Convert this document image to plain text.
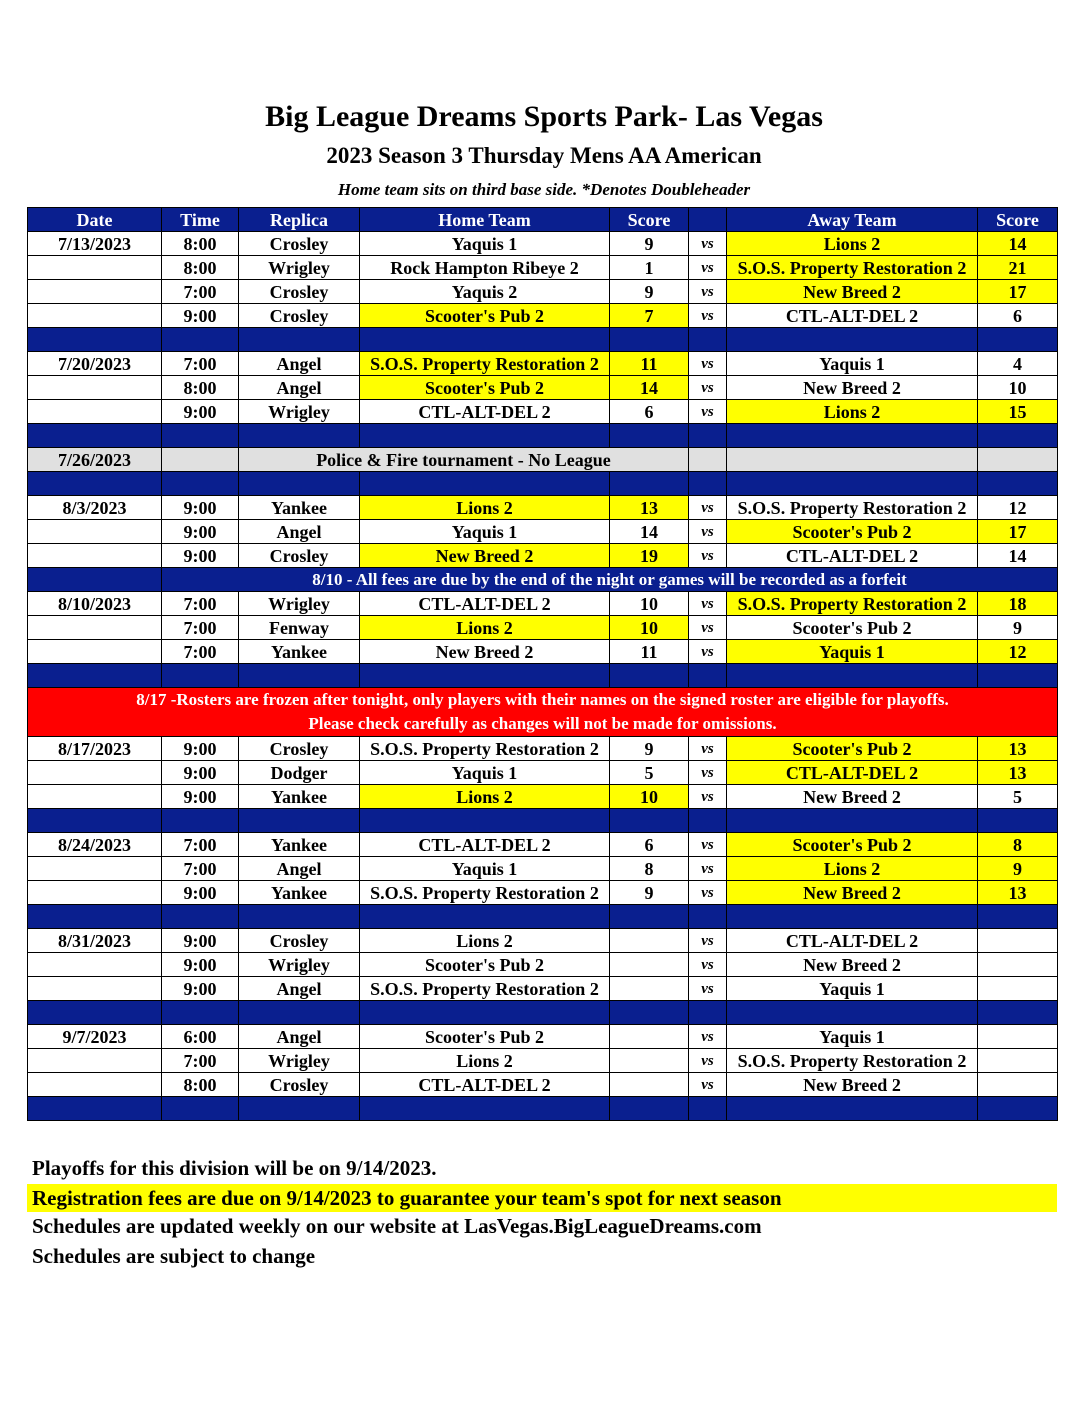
Big League Dreams Sports Park- Las Vegas
2023 Season 3 Thursday Mens AA American
Home team sits on third base side. *Denotes Doubleheader
Date	Time	Replica	Home Team	Score		Away Team	Score
7/13/2023	8:00	Crosley	Yaquis 1	9	vs	Lions 2	14
	8:00	Wrigley	Rock Hampton Ribeye 2	1	vs	S.O.S. Property Restoration 2	21
	7:00	Crosley	Yaquis 2	9	vs	New Breed 2	17
	9:00	Crosley	Scooter's Pub 2	7	vs	CTL-ALT-DEL 2	6

7/20/2023	7:00	Angel	S.O.S. Property Restoration 2	11	vs	Yaquis 1	4
	8:00	Angel	Scooter's Pub 2	14	vs	New Breed 2	10
	9:00	Wrigley	CTL-ALT-DEL 2	6	vs	Lions 2	15

7/26/2023		Police & Fire tournament - No League					

8/3/2023	9:00	Yankee	Lions 2	13	vs	S.O.S. Property Restoration 2	12
	9:00	Angel	Yaquis 1	14	vs	Scooter's Pub 2	17
	9:00	Crosley	New Breed 2	19	vs	CTL-ALT-DEL 2	14
	8/10 - All fees are due by the end of the night or games will be recorded as a forfeit						
8/10/2023	7:00	Wrigley	CTL-ALT-DEL 2	10	vs	S.O.S. Property Restoration 2	18
	7:00	Fenway	Lions 2	10	vs	Scooter's Pub 2	9
	7:00	Yankee	New Breed 2	11	vs	Yaquis 1	12

8/17 -Rosters are frozen after tonight, only players with their names on the signed roster are eligible for playoffs.
Please check carefully as changes will not be made for omissions.							

8/17/2023	9:00	Crosley	S.O.S. Property Restoration 2	9	vs	Scooter's Pub 2	13
	9:00	Dodger	Yaquis 1	5	vs	CTL-ALT-DEL 2	13
	9:00	Yankee	Lions 2	10	vs	New Breed 2	5

8/24/2023	7:00	Yankee	CTL-ALT-DEL 2	6	vs	Scooter's Pub 2	8
	7:00	Angel	Yaquis 1	8	vs	Lions 2	9
	9:00	Yankee	S.O.S. Property Restoration 2	9	vs	New Breed 2	13

8/31/2023	9:00	Crosley	Lions 2		vs	CTL-ALT-DEL 2	
	9:00	Wrigley	Scooter's Pub 2		vs	New Breed 2	
	9:00	Angel	S.O.S. Property Restoration 2		vs	Yaquis 1	

9/7/2023	6:00	Angel	Scooter's Pub 2		vs	Yaquis 1	
	7:00	Wrigley	Lions 2		vs	S.O.S. Property Restoration 2	
	8:00	Crosley	CTL-ALT-DEL 2		vs	New Breed 2	

Playoffs for this division will be on 9/14/2023.
Registration fees are due on 9/14/2023 to guarantee your team's spot for next season
Schedules are updated weekly on our website at LasVegas.BigLeagueDreams.com
Schedules are subject to change
